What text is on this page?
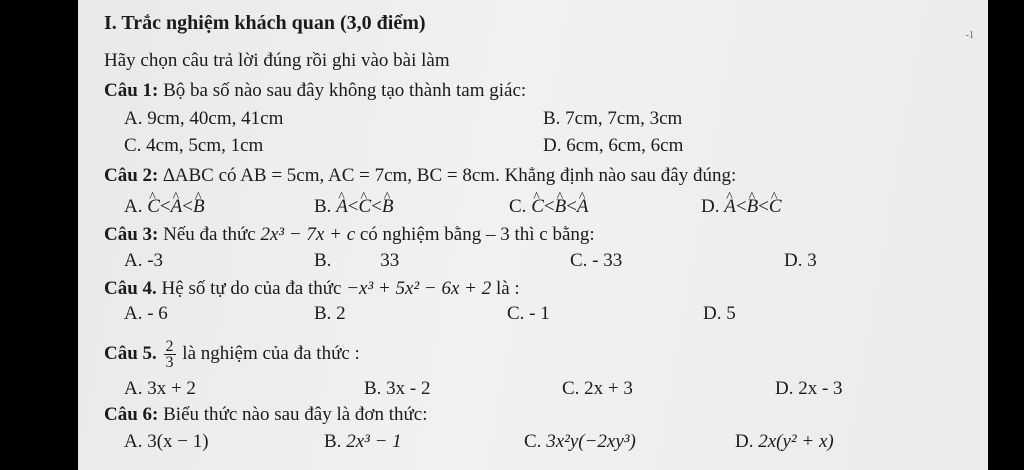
-1
I. Trắc nghiệm khách quan (3,0 điểm)
Hãy chọn câu trả lời đúng rồi ghi vào bài làm
Câu 1: Bộ ba số nào sau đây không tạo thành tam giác:
A. 9cm, 40cm, 41cm	B. 7cm, 7cm, 3cm
C. 4cm, 5cm, 1cm	D. 6cm, 6cm, 6cm
Câu 2: ∆ABC có AB = 5cm, AC = 7cm, BC = 8cm. Khẳng định nào sau đây đúng:
A. ^ C<^ A<^ B	B. ^ A<^ C<^ B	C. ^ C<^ B<^ A	D. ^ A<^ B<^ C
Câu 3: Nếu đa thức 2x³ − 7x + c có nghiệm bằng – 3 thì c bằng:
A. -3	B.	33	C. - 33	D. 3
Câu 4. Hệ số tự do của đa thức −x³ + 5x² − 6x + 2 là :
A. - 6	B. 2	C. - 1	D. 5
Câu 5. $\frac{2}{3}$ là nghiệm của đa thức :
A. 3x + 2	B. 3x - 2	C. 2x + 3	D. 2x - 3
Câu 6: Biểu thức nào sau đây là đơn thức:
A. 3(x − 1)	B. 2x³ − 1	C. 3x²y(−2xy³)	D. 2x(y² + x)
